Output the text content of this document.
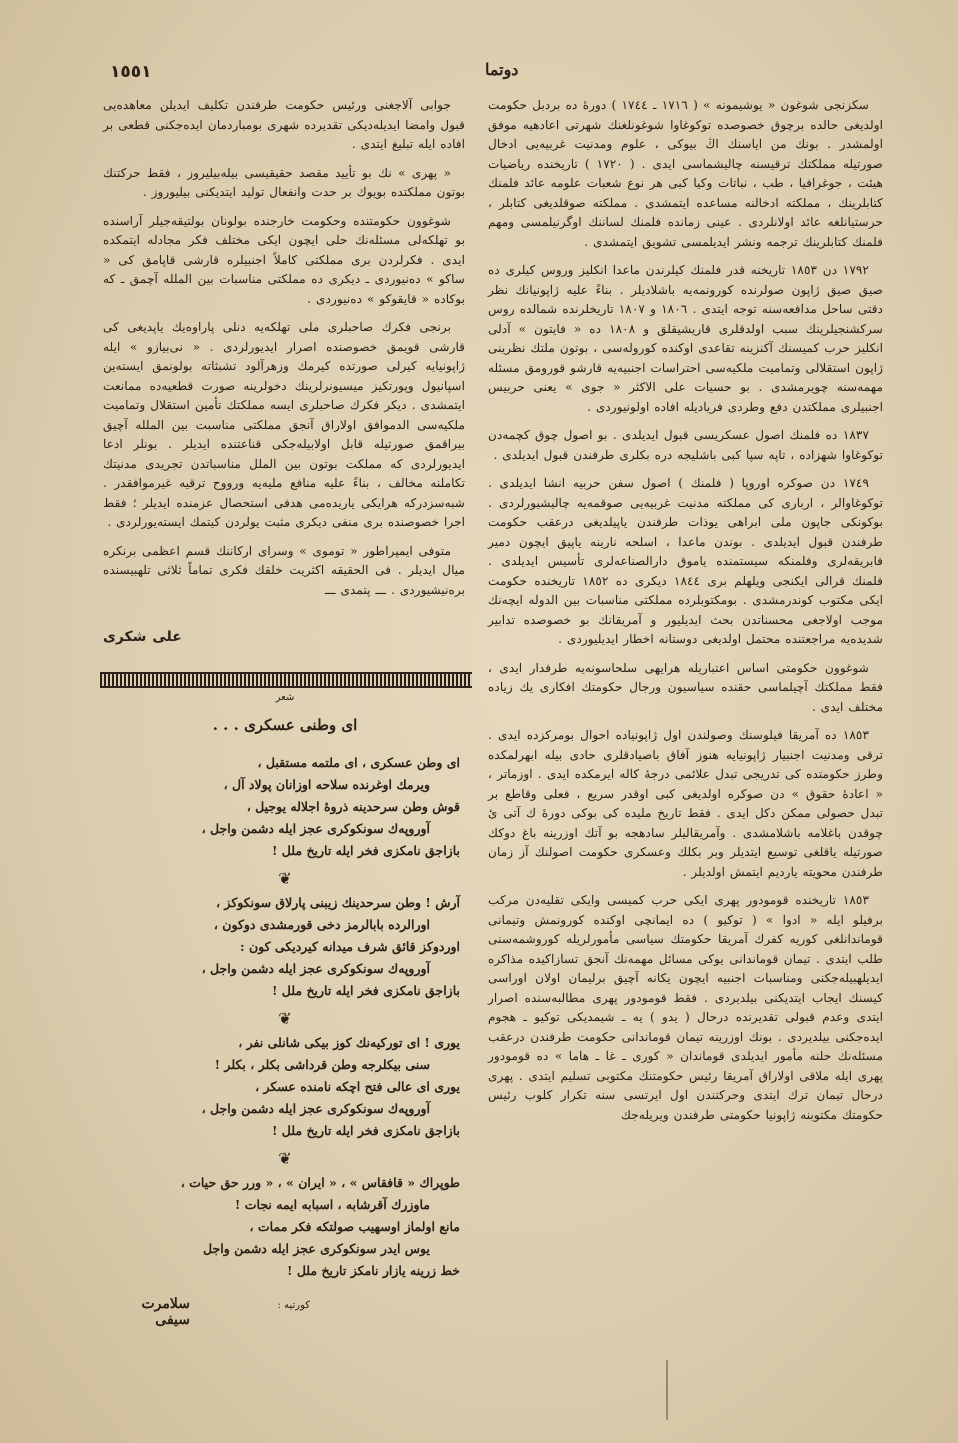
١٥٥١	دوتما

سكزنجی شوغون « یوشیمونه » ( ١٧١٦ ـ ١٧٤٤ ) دورهٔ ده بردبل حكومت اولدیغی حالده برچوق خصوصده توكوغاوا شوغونلغنك شهرتی اعادهیه موفق اولمشدر . بونك من ایاسنك اڭ بیوكی ، علوم ومدنیت غربیه‌یی ادخال صورتیله مملكتك ترقیسنه چالیشماسی ایدی . ( ١٧٢٠ ) تاریخنده ریاضیات هیئت ، جوغرافیا ، طب ، نباتات وكیا كبی هر نوع شعبات علومه عائد فلمنك كتابلرینك ، مملكته ادخالنه مساعده ایتمشدی . مملكته صوقلدیغی كتابلر ، حرستیانلغه عائد اولانلردی . عینی زمانده فلمنك لساننك اوگرنیلمسی ومهم فلمنك كتابلرینك ترجمه ونشر ایدیلمسی تشویق ایتمشدی .

١٧٩٢ دن ١٨٥٣ تاریخنه قدر فلمنك كیلرندن ماعدا انكلیز وروس كیلری ده صیق صیق ژاپون صولرنده كورونمه‌یه باشلادیلر . بناءً علیه ژاپونیانك نظر دقتی ساحل مدافعه‌سنه توجه ایتدی . ١٨٠٦ و ١٨٠٧ تاریخلرنده شمالده روس سركشنجیلرینك سبب اولدقلری قاریشیقلق و ١٨٠٨ ده « فایتون » آدلی انكلیز حرب كمیسنك آكنزینه تقاعدی اوكنده كوروله‌سی ، بوتون ملتك نظرینی ژاپون استقلالی وتمامیت ملكیه‌سی احتراسات اجنبیه‌یه قارشو قورومق مسئله مهمه‌سنه چویرمشدی . بو حسیات علی الاكثر « جوی » یعنی حربیس اجنبیلری مملكتدن دفع وطردی فریادیله افاده اولونیوردی .

١٨٣٧ ده فلمنك اصول عسكریسی قبول ایدیلدی . بو اصول چوق كچمه‌دن توكوغاوا شهزاده ، تاپه سپا كبی باشلیجه دره بكلری طرفندن قبول ایدیلدی .

١٧٤٩ دن صوكره اوروپا ( فلمنك ) اصول سفن حربیه انشا ایدیلدی . توكوغاوالر ، ارباری كی مملكته مدنیت غربیه‌یی صوقمه‌یه چالیشیورلردی . بوكونكی جاپون ملی ابراهی یوذات طرفندن یاپیلدیغی درعقب حكومت طرفندن قبول ایدیلدی . بوندن ماعدا ، اسلحه نارینه یاپیق ایچون دمیر فابریقه‌لری وفلمنكه سیستمنده یاموق دارالصناعه‌لری تأسیس ایدیلدی . فلمنك قرالی ایكنجی ویلهلم بری ١٨٤٤ دیكری ده ١٨٥٢ تاریخنده حكومت ایكی مكتوب كوندرمشدی . بومكتوبلرده مملكتی مناسبات بین الدوله ایچه‌نك موجب اولاجغی محسناتدن بحث ایدیلیور و آمریقانك بو خصوصده تدابیر شدیده‌یه مراجعتنده محتمل اولدیغی دوستانه اخطار ایدیلیوردی .

شوغوون حكومتی اساس اعتباریله هرایهی سلحاسونه‌یه طرفدار ایدی ، فقط مملكتك آچیلماسی حقنده سیاسیون ورجال حكومتك افكاری یك زیاده مختلف ایدی .

١٨٥٣ ده آمریقا فیلوسنك وصولندن اول ژاپونیاده احوال بومركزده ایدی . ترقی ومدنیت اجنبیار ژاپونیایه هنوز آفاق باصیادقلری حادی بیله ابهرلمكده وطرز حكومتده كی تدریجی تبدل علائمی درجهٔ كاله ایرمكده ایدی . اوزماتر ، « اعادهٔ حقوق » دن صوكره اولدیغی كبی اوقدر سریع ، فعلی وقاطع بر تبدل حصولی ممكن دكل ایدی . فقط تاریخ ملیده كی بوكی دورهٔ ك آتی ئ چوقدن باغلامه باشلامشدی . وآمریقالیلر سادهجه بو آتك اوزرینه باغ دوكك صورتیله یاقلغی توسیع ایتدیلر وبر بكلك وعسكری حكومت اصولنك آز زمان طرفندن محویته یاردیم ایتمش اولدیلر .

١٨٥٣ تاریخنده قومودور پهری ایكی حرب كمیسی وایكی تقلیه‌دن مركب برفیلو ایله « ادوا » ( توكیو ) ده ایمانچی اوكنده كورونمش وتیمانی قوماندانلغی كوریه كفرك آمریقا حكومتك سیاسی مأمورلریله كوروشمه‌سنی طلب ایتدی . تیمان قوماندانی یوكی مسائل مهمه‌نك آنجق تسازاكیده مذاكره ایدیلهبیله‌جكنی ومناسبات اجنبیه ایچون یكانه آچیق برلیمان اولان اوراسی كیسنك ایجاب ایتدیكنی بیلدیردی . فقط قومودور پهری مطالبه‌سنده اصرار ایتدی وعدم قبولی تقدیرنده درحال ( یدو ) یه ـ شیمدیكی توكیو ـ هجوم ایده‌جكنی بیلدیردی . بونك اوزرینه تیمان قوماندانی حكومت طرفندن درعقب مسئله‌نك حلنه مأمور ایدیلدی قوماندان « كوری ـ غا ـ هاما » ده قومودور پهری ایله ملاقی اولاراق آمریقا رئیس حكومتنك مكتوبی تسلیم ایتدی . پهری درحال تیمان ترك ایتدی وحركتندن اول ایرتسی سنه تكرار كلوب رئیس حكومتك مكتوبنه ژاپونیا حكومتی طرفندن ویریله‌جك

جوابی آلاجغنی ورئیس حكومت طرفندن تكلیف ایدیلن معاهده‌یی قبول وامضا ایدیله‌دیكی تقدیرده شهری بومباردمان ایده‌جكنی قطعی بر افاده ایله تبلیغ ایتدی .

« پهری » نك بو تأیید مقصد حقیقیسی بیله‌بیلیروز ، فقط حركتنك بوتون مملكتده بویوك بر حدت وانفعال تولید ایتدیكنی بیلیوروز .

شوغوون حكومتنده وحكومت خارجنده بولونان بولتیقه‌جیلر آراسنده بو تهلكه‌لی مسئله‌نك حلی ایچون ایكی مختلف فكر مجادله ایتمكده ایدی . فكرلردن بری مملكتی كاملاً اجنبیلره قارشی قاپامق كی « ساكو » دەنیوردی ـ دیكری ده مملكتی مناسبات بین الملله آچمق ـ كه بوكاده « قایقوكو » دەنیوردی .

برنجی فكرك صاحبلری ملی تهلكه‌یه دنلی پاراوه‌یك یاپدیغی كی قارشی قویمق خصوصنده اصرار ایدیورلردی . « نی‌بیازو » ایله ژاپونیایه كیرلی صورتده كیرمك وزهرآلود تشبثاته بولونمق ایسته‌ین اسپانیول وپورتكیز میسیونرلرینك دخولرینه صورت قطعیه‌ده ممانعت ایتمشدی . دیكر فكرك صاحبلری ایسه مملكتك تأمین استقلال وتمامیت ملكیه‌سی الدموافق اولاراق آنجق مملكتی مناسبت بین الملله آچیق بیراقمق صورتیله قابل اولابیله‌جكی قناعتنده ایدیلر . بونلر ادعا ایدیورلردی كه مملكت بوتون بین الملل مناسباتدن تجریدی مدنیتك تكاملنه مخالف ، بناءً علیه منافع ملیه‌یه ورووح ترقیه غیرموافقدر . شبه‌سزدركه هرایكی یاریده‌می هدفی استحصال عزمنده ایدیلر ؛ فقط اجرا خصوصنده بری منفی دیكری مثبت یولردن كیتمك ایسته‌یورلردی .

متوفی ایمپراطور « توموی » وسرای اركاننك قسم اعظمی برنكره میال ایدیلر . فی الحقیقه اكثریت خلقك فكری تماماً ثلاثی تلهبیسنده بره‌نیشیوردی . ـــ پتمدی ـــ

علی شكرى
شعر
ای وطنی عسكری . . .
ای وطن عسكری ، ای ملتمه مستقبل ،
ویرمك اوغرنده سلاحه اوزانان پولاد آل ،
قوش وطن سرحدینه ذروهٔ اجلاله یوجیل ،
آوروپه‌ك سونكوكری عجز ایله دشمن واجل ،
بازاجق نامكزی فخر ایله تاریخ ملل !
❦
آرش ! وطن سرحدینك زیبنی پارلاق سونكوكز ،
اورالرده بابالرمز دخی قورمشدی دوكون ،
اوردوكز قائق شرف میدانه كیردیكی كون :
آوروپه‌ك سونكوكری عجز ایله دشمن واجل ،
بازاجق نامكزی فخر ایله تاریخ ملل !
❦
یوری ! ای توركیه‌نك كوز بیكی شانلی نفر ،
سنی بیكلرجه وطن قرداشی بكلر ، بكلر !
یوری ای عالی فتح اچكه نامنده عسكر ،
آوروپه‌ك سونكوكری عجز ایله دشمن واجل ،
بازاجق نامكزی فخر ایله تاریخ ملل !
❦
طوپراك « قافقاس » ، « ایران » ، « ورر حق حیات ،
ماوزرك آقرشابه ، اسبابه ایمه نجات !
مانع اولماز اوسهیب صولتكه فكر ممات ،
یوس ایدر سونكوكرى عجز ایله دشمن واجل
خط زرینه یازار نامكز تاریخ ملل !
كورتیه :
سلامرت سیفی
